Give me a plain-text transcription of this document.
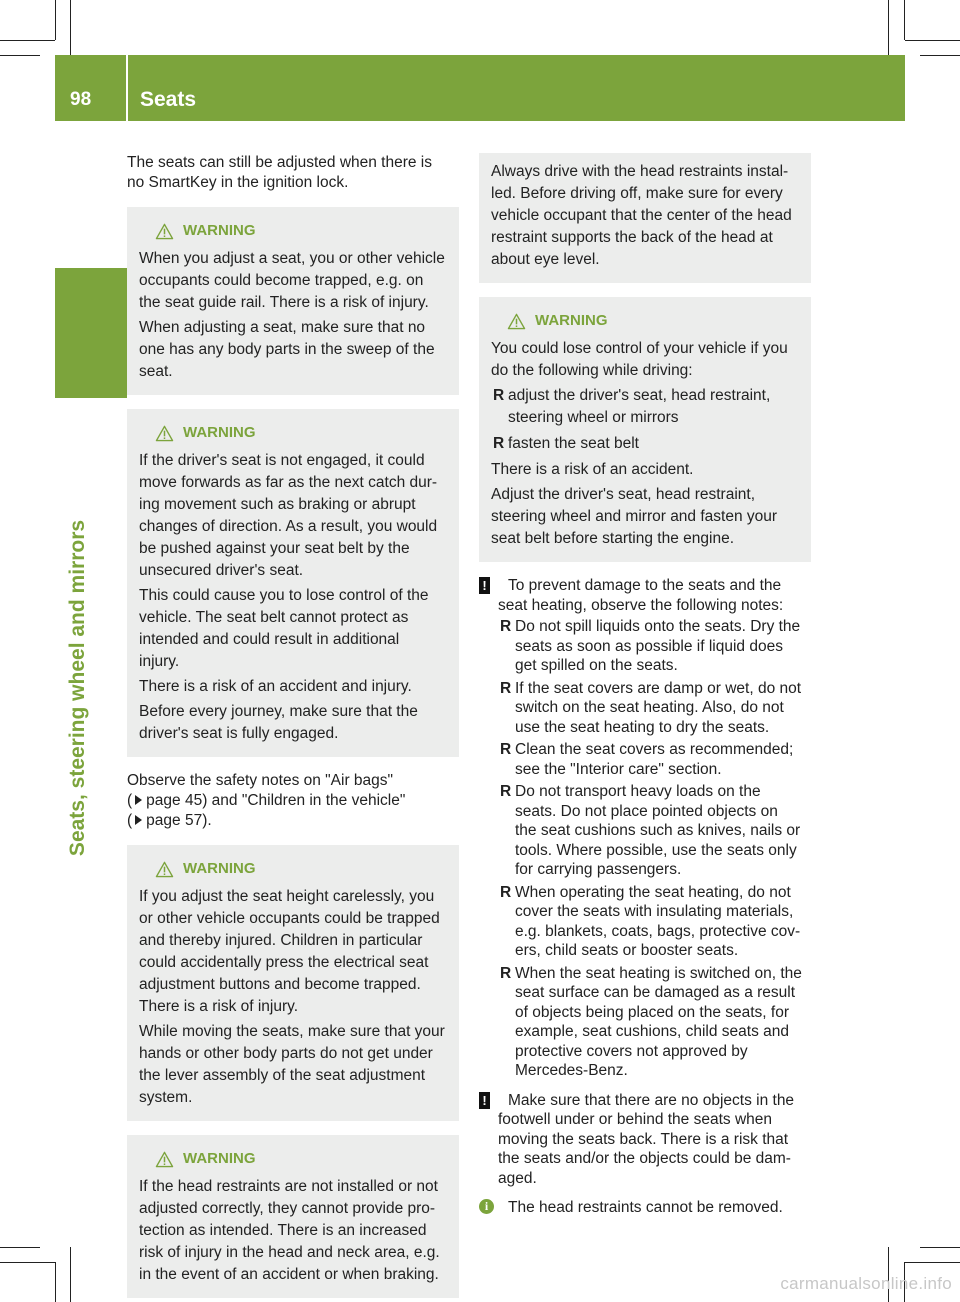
98 Seats
Seats, steering wheel and mirrors

The seats can still be adjusted when there is
no SmartKey in the ignition lock.

WARNING

When you adjust a seat, you or other vehicle
occupants could become trapped, e.g. on
the seat guide rail. There is a risk of injury.

When adjusting a seat, make sure that no
one has any body parts in the sweep of the
seat.

WARNING

If the driver's seat is not engaged, it could
move forwards as far as the next catch dur-
ing movement such as braking or abrupt
changes of direction. As a result, you would
be pushed against your seat belt by the
unsecured driver's seat.

This could cause you to lose control of the
vehicle. The seat belt cannot protect as
intended and could result in additional
injury.

There is a risk of an accident and injury.

Before every journey, make sure that the
driver's seat is fully engaged.

Observe the safety notes on "Air bags"
( page 45) and "Children in the vehicle"
( page 57).

WARNING

If you adjust the seat height carelessly, you
or other vehicle occupants could be trapped
and thereby injured. Children in particular
could accidentally press the electrical seat
adjustment buttons and become trapped.
There is a risk of injury.

While moving the seats, make sure that your
hands or other body parts do not get under
the lever assembly of the seat adjustment
system.

WARNING

If the head restraints are not installed or not
adjusted correctly, they cannot provide pro-
tection as intended. There is an increased
risk of injury in the head and neck area, e.g.
in the event of an accident or when braking.

Always drive with the head restraints instal-
led. Before driving off, make sure for every
vehicle occupant that the center of the head
restraint supports the back of the head at
about eye level.

WARNING

You could lose control of your vehicle if you
do the following while driving:

R adjust the driver's seat, head restraint,
steering wheel or mirrors
R fasten the seat belt

There is a risk of an accident.

Adjust the driver's seat, head restraint,
steering wheel and mirror and fasten your
seat belt before starting the engine.

!	To prevent damage to the seats and the
seat heating, observe the following notes:
R Do not spill liquids onto the seats. Dry the
seats as soon as possible if liquid does
get spilled on the seats.
R If the seat covers are damp or wet, do not
switch on the seat heating. Also, do not
use the seat heating to dry the seats.
R Clean the seat covers as recommended;
see the "Interior care" section.
R Do not transport heavy loads on the
seats. Do not place pointed objects on
the seat cushions such as knives, nails or
tools. Where possible, use the seats only
for carrying passengers.
R When operating the seat heating, do not
cover the seats with insulating materials,
e.g. blankets, coats, bags, protective cov-
ers, child seats or booster seats.
R When the seat heating is switched on, the
seat surface can be damaged as a result
of objects being placed on the seats, for
example, seat cushions, child seats and
protective covers not approved by
Mercedes-Benz.
!	Make sure that there are no objects in the
footwell under or behind the seats when
moving the seats back. There is a risk that
the seats and/or the objects could be dam-
aged.
i	The head restraints cannot be removed.
carmanualsonline.info
